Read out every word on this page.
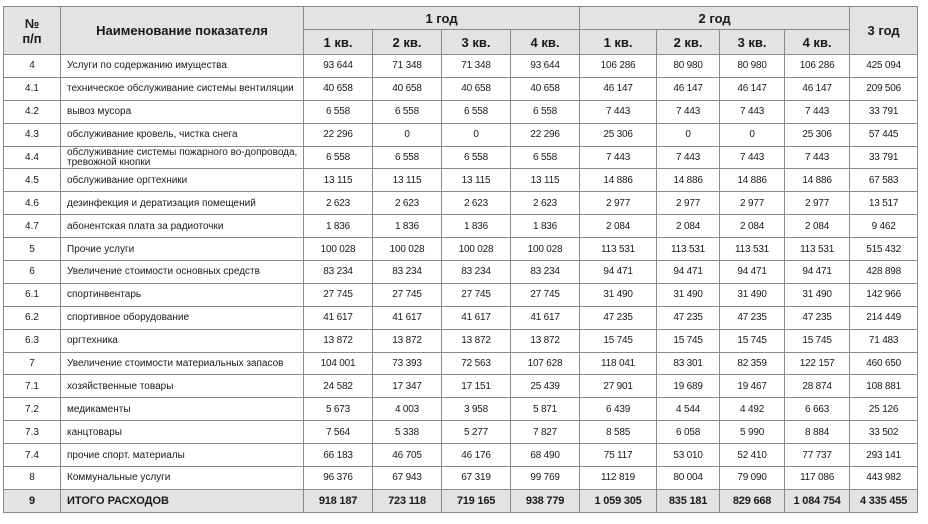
№
п/п	Наименование показателя	1 год				2 год				3 год
		1 кв.	2 кв.	3 кв.	4 кв.	1 кв.	2 кв.	3 кв.	4 кв.	
4	Услуги по содержанию имущества	93 644	71 348	71 348	93 644	106 286	80 980	80 980	106 286	425 094
4.1	техническое обслуживание системы вентиляции	40 658	40 658	40 658	40 658	46 147	46 147	46 147	46 147	209 506
4.2	вывоз мусора	6 558	6 558	6 558	6 558	7 443	7 443	7 443	7 443	33 791
4.3	обслуживание кровель, чистка снега	22 296	0	0	22 296	25 306	0	0	25 306	57 445
4.4	обслуживание системы пожарного во-допровода, тревожной кнопки	6 558	6 558	6 558	6 558	7 443	7 443	7 443	7 443	33 791
4.5	обслуживание оргтехники	13 115	13 115	13 115	13 115	14 886	14 886	14 886	14 886	67 583
4.6	дезинфекция и дератизация помещений	2 623	2 623	2 623	2 623	2 977	2 977	2 977	2 977	13 517
4.7	абонентская плата за радиоточки	1 836	1 836	1 836	1 836	2 084	2 084	2 084	2 084	9 462
5	Прочие услуги	100 028	100 028	100 028	100 028	113 531	113 531	113 531	113 531	515 432
6	Увеличение стоимости основных средств	83 234	83 234	83 234	83 234	94 471	94 471	94 471	94 471	428 898
6.1	спортинвентарь	27 745	27 745	27 745	27 745	31 490	31 490	31 490	31 490	142 966
6.2	спортивное оборудование	41 617	41 617	41 617	41 617	47 235	47 235	47 235	47 235	214 449
6.3	оргтехника	13 872	13 872	13 872	13 872	15 745	15 745	15 745	15 745	71 483
7	Увеличение стоимости материальных запасов	104 001	73 393	72 563	107 628	118 041	83 301	82 359	122 157	460 650
7.1	хозяйственные товары	24 582	17 347	17 151	25 439	27 901	19 689	19 467	28 874	108 881
7.2	медикаменты	5 673	4 003	3 958	5 871	6 439	4 544	4 492	6 663	25 126
7.3	канцтовары	7 564	5 338	5 277	7 827	8 585	6 058	5 990	8 884	33 502
7.4	прочие спорт. материалы	66 183	46 705	46 176	68 490	75 117	53 010	52 410	77 737	293 141
8	Коммунальные услуги	96 376	67 943	67 319	99 769	112 819	80 004	79 090	117 086	443 982
9	ИТОГО РАСХОДОВ	918 187	723 118	719 165	938 779	1 059 305	835 181	829 668	1 084 754	4 335 455
